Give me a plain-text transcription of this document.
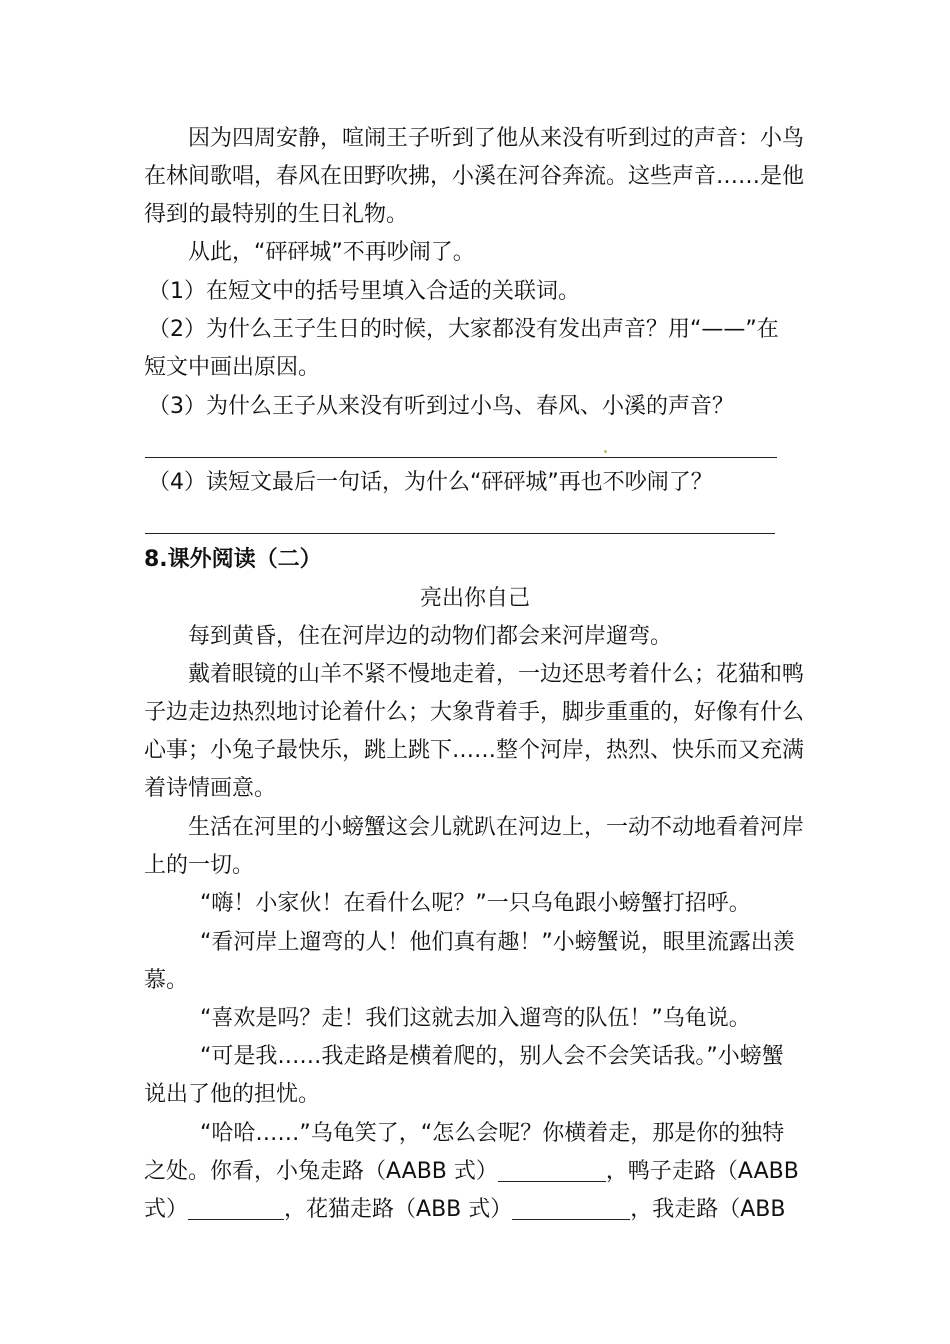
因为四周安静，喧闹王子听到了他从来没有听到过的声音：小鸟
在林间歌唱，春风在田野吹拂，小溪在河谷奔流。这些声音……是他
得到的最特别的生日礼物。
从此，“砰砰城”不再吵闹了。
（1）在短文中的括号里填入合适的关联词。
（2）为什么王子生日的时候，大家都没有发出声音？用“——”在
短文中画出原因。
（3）为什么王子从来没有听到过小鸟、春风、小溪的声音？
（4）读短文最后一句话，为什么“砰砰城”再也不吵闹了？
8.课外阅读（二）
亮出你自己
每到黄昏，住在河岸边的动物们都会来河岸遛弯。
戴着眼镜的山羊不紧不慢地走着，一边还思考着什么；花猫和鸭
子边走边热烈地讨论着什么；大象背着手，脚步重重的，好像有什么
心事；小兔子最快乐，跳上跳下……整个河岸，热烈、快乐而又充满
着诗情画意。
生活在河里的小螃蟹这会儿就趴在河边上，一动不动地看着河岸
上的一切。
“嗨！小家伙！在看什么呢？”一只乌龟跟小螃蟹打招呼。
“看河岸上遛弯的人！他们真有趣！”小螃蟹说，眼里流露出羡
慕。
“喜欢是吗？走！我们这就去加入遛弯的队伍！”乌龟说。
“可是我……我走路是横着爬的，别人会不会笑话我。”小螃蟹
说出了他的担忧。
“哈哈……”乌龟笑了，“怎么会呢？你横着走，那是你的独特
之处。你看，小兔走路（AABB 式）	，鸭子走路（AABB
式）	，花猫走路（ABB 式）	，我走路（ABB
